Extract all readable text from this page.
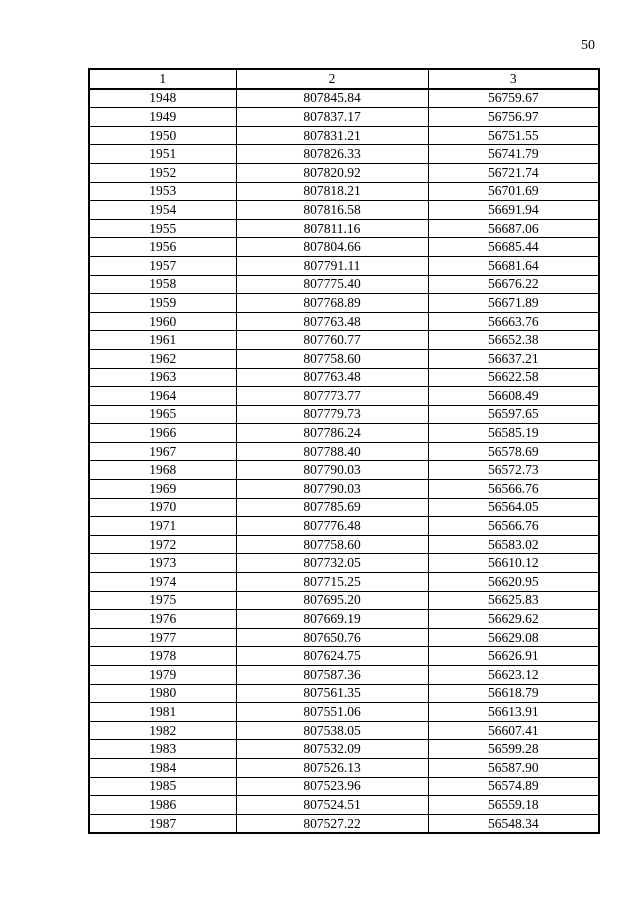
50
1	2	3
1948	807845.84	56759.67
1949	807837.17	56756.97
1950	807831.21	56751.55
1951	807826.33	56741.79
1952	807820.92	56721.74
1953	807818.21	56701.69
1954	807816.58	56691.94
1955	807811.16	56687.06
1956	807804.66	56685.44
1957	807791.11	56681.64
1958	807775.40	56676.22
1959	807768.89	56671.89
1960	807763.48	56663.76
1961	807760.77	56652.38
1962	807758.60	56637.21
1963	807763.48	56622.58
1964	807773.77	56608.49
1965	807779.73	56597.65
1966	807786.24	56585.19
1967	807788.40	56578.69
1968	807790.03	56572.73
1969	807790.03	56566.76
1970	807785.69	56564.05
1971	807776.48	56566.76
1972	807758.60	56583.02
1973	807732.05	56610.12
1974	807715.25	56620.95
1975	807695.20	56625.83
1976	807669.19	56629.62
1977	807650.76	56629.08
1978	807624.75	56626.91
1979	807587.36	56623.12
1980	807561.35	56618.79
1981	807551.06	56613.91
1982	807538.05	56607.41
1983	807532.09	56599.28
1984	807526.13	56587.90
1985	807523.96	56574.89
1986	807524.51	56559.18
1987	807527.22	56548.34
